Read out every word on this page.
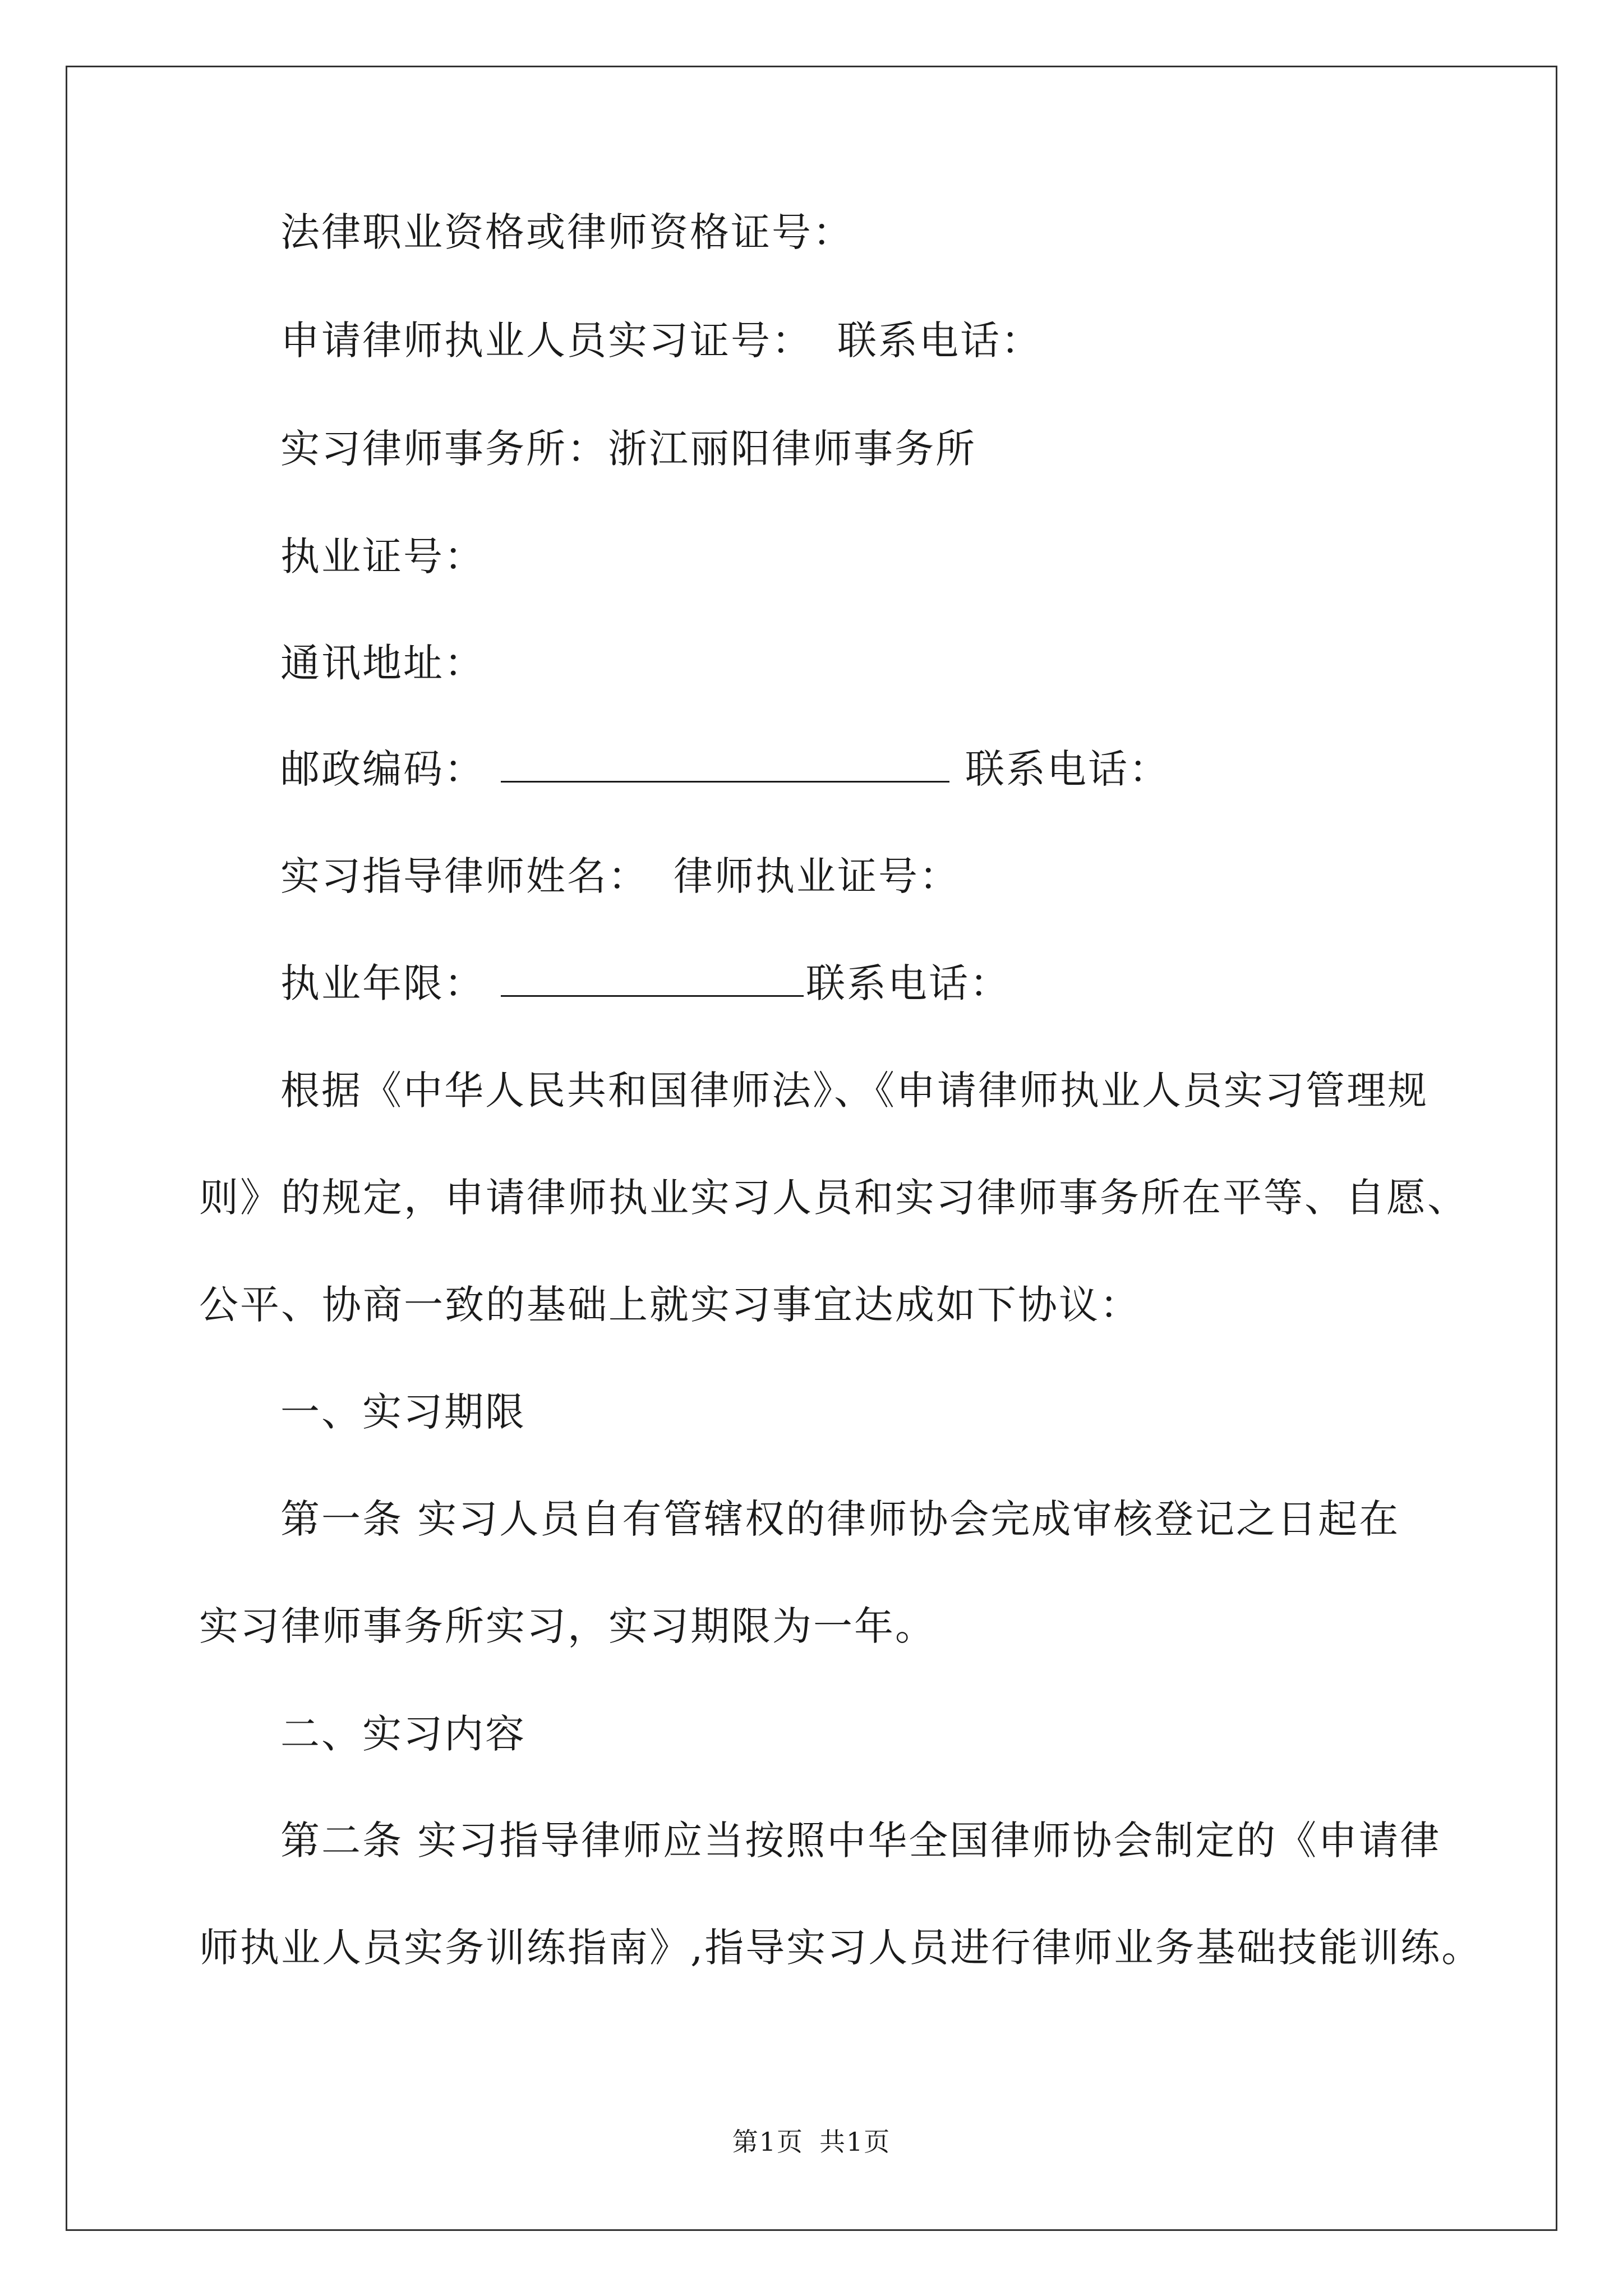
法律职业资格或律师资格证号：
申请律师执业人员实习证号： 联系电话：
实习律师事务所：浙江丽阳律师事务所
执业证号：
通讯地址：
邮政编码：	联系电话：
实习指导律师姓名： 律师执业证号：
执业年限：	联系电话：
根据《中华人民共和国律师法》、《申请律师执业人员实习管理规
则》的规定，申请律师执业实习人员和实习律师事务所在平等、自愿、
公平、协商一致的基础上就实习事宜达成如下协议：
一、实习期限
第一条 实习人员自有管辖权的律师协会完成审核登记之日起在
实习律师事务所实习，实习期限为一年。
二、实习内容
第二条 实习指导律师应当按照中华全国律师协会制定的《申请律
师执业人员实务训练指南》,指导实习人员进行律师业务基础技能训练。
第1页 共1页
